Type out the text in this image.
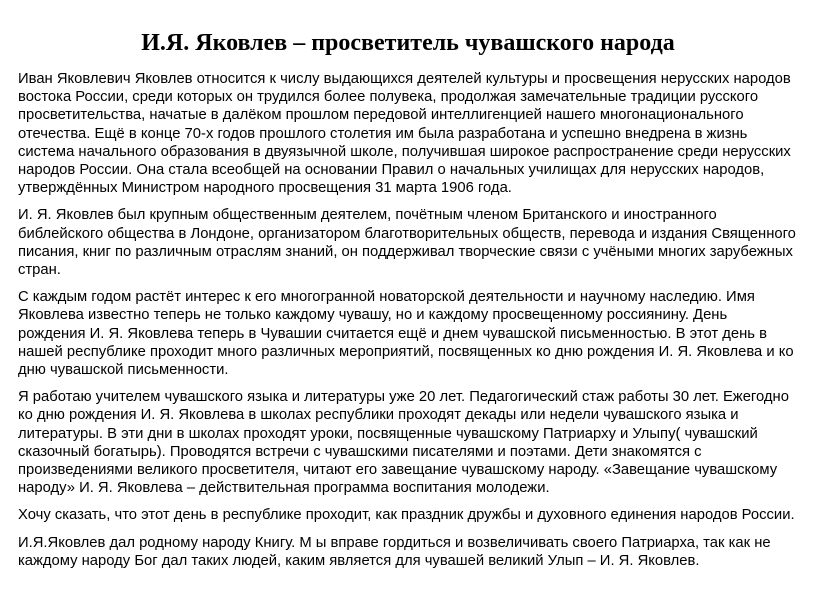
И.Я. Яковлев – просветитель чувашского народа

Иван Яковлевич Яковлев относится к числу выдающихся деятелей культуры и просвещения нерусских народов востока России, среди которых он трудился более полувека, продолжая замечательные традиции русского просветительства, начатые в далёком прошлом передовой интеллигенцией нашего многонационального отечества. Ещё в конце 70-х годов прошлого столетия им была разработана и успешно внедрена в жизнь система начального образования в двуязычной школе, получившая широкое распространение среди нерусских народов России. Она стала всеобщей на основании Правил о начальных училищах для нерусских народов, утверждённых Министром народного просвещения 31 марта 1906 года.

И. Я. Яковлев был крупным общественным деятелем, почётным членом Британского и иностранного библейского общества в Лондоне, организатором благотворительных обществ, перевода и издания Священного писания, книг по различным отраслям знаний, он поддерживал творческие связи с учёными многих зарубежных стран.

С каждым годом растёт интерес к его многогранной новаторской деятельности и научному наследию. Имя Яковлева известно теперь не только каждому чувашу, но и каждому просвещенному россиянину. День рождения И. Я. Яковлева теперь в Чувашии считается ещё и днем чувашской письменностью. В этот день в нашей республике проходит много различных мероприятий, посвященных ко дню рождения И. Я. Яковлева и ко дню чувашской письменности.

Я работаю учителем чувашского языка и литературы уже 20 лет. Педагогический стаж работы 30 лет. Ежегодно ко дню рождения И. Я. Яковлева в школах республики проходят декады или недели чувашского языка и литературы. В эти дни в школах проходят уроки, посвященные чувашскому Патриарху и Улыпу( чувашский сказочный богатырь). Проводятся встречи с чувашскими писателями и поэтами. Дети знакомятся с произведениями великого просветителя, читают его завещание чувашскому народу. «Завещание чувашскому народу» И. Я. Яковлева – действительная программа воспитания молодежи.

Хочу сказать, что этот день в республике проходит, как праздник дружбы и духовного единения народов России.

И.Я.Яковлев дал родному народу Книгу. М ы вправе гордиться и возвеличивать своего Патриарха, так как не каждому народу Бог дал таких людей, каким является для чувашей великий Улып – И. Я. Яковлев.
